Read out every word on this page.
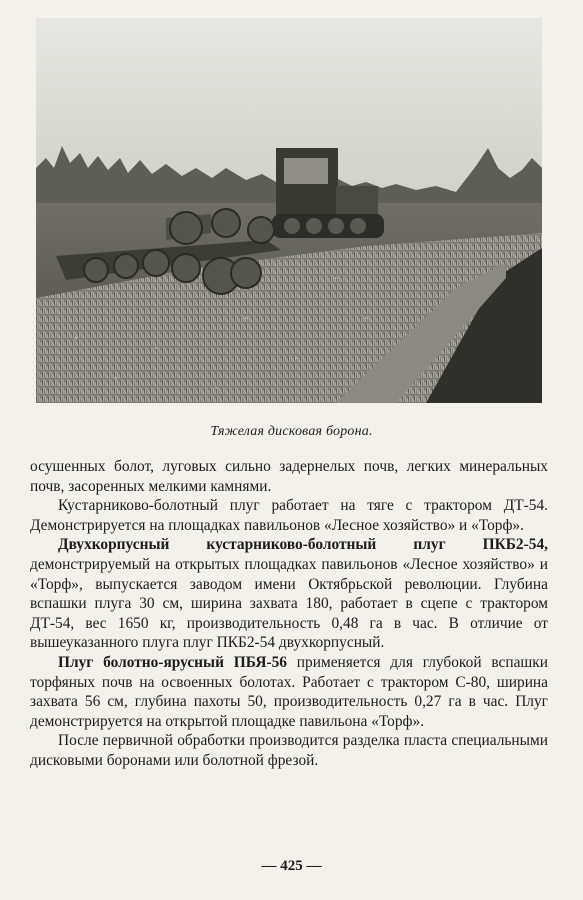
Тяжелая дисковая борона.

осушенных болот, луговых сильно задернелых почв, легких минеральных почв, засоренных мелкими камнями.

Кустарниково-болотный плуг работает на тяге с трактором ДТ-54. Демонстрируется на площадках павильонов «Лесное хозяйство» и «Торф».

Двухкорпусный кустарниково-болотный плуг ПКБ2-54, демонстрируемый на открытых площадках павильонов «Лесное хозяйство» и «Торф», выпускается заводом имени Октябрьской революции. Глубина вспашки плуга 30 см, ширина захвата 180, работает в сцепе с трактором ДТ-54, вес 1650 кг, производительность 0,48 га в час. В отличие от вышеуказанного плуга плуг ПКБ2-54 двухкорпусный.

Плуг болотно-ярусный ПБЯ-56 применяется для глубокой вспашки торфяных почв на освоенных болотах. Работает с трактором С-80, ширина захвата 56 см, глубина пахоты 50, производительность 0,27 га в час. Плуг демонстрируется на открытой площадке павильона «Торф».

После первичной обработки производится разделка пласта специальными дисковыми боронами или болотной фрезой.

— 425 —
